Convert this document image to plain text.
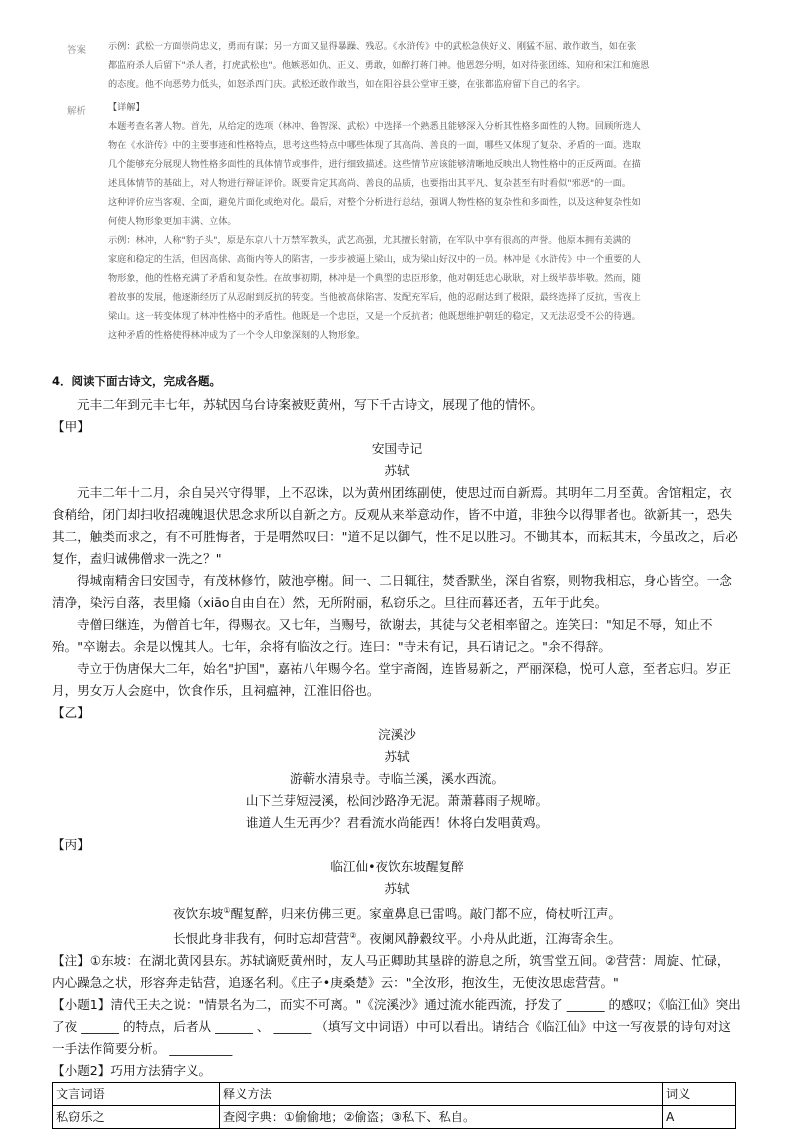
答案 示例：武松一方面崇尚忠义，勇而有谋；另一方面又显得暴躁、残忍。《水浒传》中的武松急侠好义、刚猛不屈、敢作敢当，如在张

都监府杀人后留下"杀人者，打虎武松也"。他嫉恶如仇、正义、勇敢，如醉打蒋门神。他恩怨分明，如对待张团练、知府和宋江和施恩

的态度。他不向恶势力低头，如怒杀西门庆。武松还敢作敢当，如在阳谷县公堂审王婆，在张都监府留下自己的名字。

解析 【详解】

本题考查名著人物。首先，从给定的选项（林冲、鲁智深、武松）中选择一个熟悉且能够深入分析其性格多面性的人物。回顾所选人

物在《水浒传》中的主要事迹和性格特点，思考这些特点中哪些体现了其高尚、善良的一面，哪些又体现了复杂、矛盾的一面。选取

几个能够充分展现人物性格多面性的具体情节或事件，进行细致描述。这些情节应该能够清晰地反映出人物性格中的正反两面。在描

述具体情节的基础上，对人物进行辩证评价。既要肯定其高尚、善良的品质，也要指出其平凡、复杂甚至有时看似"邪恶"的一面。

这种评价应当客观、全面，避免片面化或绝对化。最后，对整个分析进行总结，强调人物性格的复杂性和多面性，以及这种复杂性如

何使人物形象更加丰满、立体。

示例：林冲，人称"豹子头"，原是东京八十万禁军教头，武艺高强，尤其擅长射箭，在军队中享有很高的声誉。他原本拥有美满的

家庭和稳定的生活，但因高俅、高衙内等人的陷害，一步步被逼上梁山，成为梁山好汉中的一员。林冲是《水浒传》中一个重要的人

物形象，他的性格充满了矛盾和复杂性。在故事初期，林冲是一个典型的忠臣形象，他对朝廷忠心耿耿，对上级毕恭毕敬。然而，随

着故事的发展，他逐渐经历了从忍耐到反抗的转变。当他被高俅陷害、发配充军后，他的忍耐达到了极限，最终选择了反抗，雪夜上

梁山。这一转变体现了林冲性格中的矛盾性。他既是一个忠臣，又是一个反抗者；他既想维护朝廷的稳定，又无法忍受不公的待遇。

这种矛盾的性格使得林冲成为了一个令人印象深刻的人物形象。

4．阅读下面古诗文，完成各题。

元丰二年到元丰七年，苏轼因乌台诗案被贬黄州，写下千古诗文，展现了他的情怀。

【甲】

安国寺记

苏轼

元丰二年十二月，余自吴兴守得罪，上不忍诛，以为黄州团练副使，使思过而自新焉。其明年二月至黄。舍馆粗定，衣食稍给，闭门却扫收招魂魄退伏思念求所以自新之方。反观从来举意动作，皆不中道，非独今以得罪者也。欲新其一，恐失其二，触类而求之，有不可胜悔者，于是喟然叹曰："道不足以御气，性不足以胜习。不锄其本，而耘其末，今虽改之，后必复作，盍归诚佛僧求一洗之？"

得城南精舍曰安国寺，有茂林修竹，陂池亭榭。间一、二日辄往，焚香默坐，深自省察，则物我相忘，身心皆空。一念清净，染污自落，表里翛（xiāo自由自在）然，无所附丽，私窃乐之。旦往而暮还者，五年于此矣。

寺僧曰继连，为僧首七年，得赐衣。又七年，当赐号，欲谢去，其徒与父老相率留之。连笑曰："知足不辱，知止不殆。"卒谢去。余是以愧其人。七年，余将有临汝之行。连曰："寺未有记，具石请记之。"余不得辞。

寺立于伪唐保大二年，始名"护国"，嘉祐八年赐今名。堂宇斋阁，连皆易新之，严丽深稳，悦可人意，至者忘归。岁正月，男女万人会庭中，饮食作乐，且祠瘟神，江淮旧俗也。

【乙】

浣溪沙

苏轼

游蕲水清泉寺。寺临兰溪，溪水西流。

山下兰芽短浸溪，松间沙路净无泥。萧萧暮雨子规啼。

谁道人生无再少？君看流水尚能西！休将白发唱黄鸡。

【丙】

临江仙•夜饮东坡醒复醉

苏轼

夜饮东坡①醒复醉，归来仿佛三更。家童鼻息已雷鸣。敲门都不应，倚杖听江声。

长恨此身非我有，何时忘却营营②。夜阑风静縠纹平。小舟从此逝，江海寄余生。

【注】①东坡：在湖北黄冈县东。苏轼谪贬黄州时，友人马正卿助其垦辟的游息之所，筑雪堂五间。②营营：周旋、忙碌，内心躁急之状，形容奔走钻营，追逐名利。《庄子•庚桑楚》云："全汝形，抱汝生，无使汝思虑营营。"

【小题1】清代王夫之说："情景名为二，而实不可离。"《浣溪沙》通过流水能西流，抒发了 ______ 的感叹；《临江仙》突出了夜 ______ 的特点，后者从 ______ 、 ______ （填写文中词语）中可以看出。请结合《临江仙》中这一写夜景的诗句对这一手法作简要分析。 __________

【小题2】巧用方法猜字义。

文言词语	释义方法	词义
私窃乐之	查阅字典：①偷偷地；②偷盗；③私下、私自。	A
